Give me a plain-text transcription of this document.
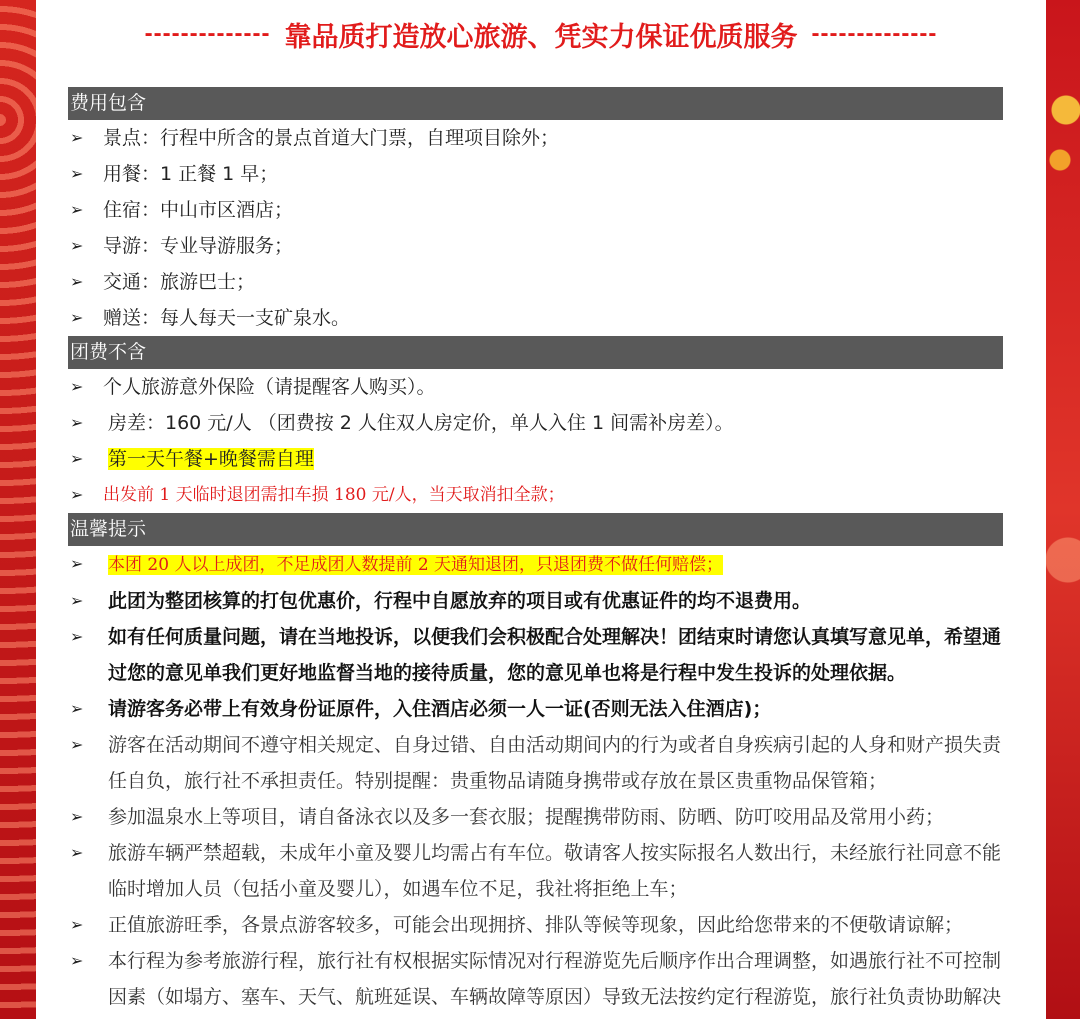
-------------- 靠品质打造放心旅游、凭实力保证优质服务 --------------
费用包含
➢	景点：行程中所含的景点首道大门票，自理项目除外；
➢	用餐：1 正餐 1 早；
➢	住宿：中山市区酒店；
➢	导游：专业导游服务；
➢	交通：旅游巴士；
➢	赠送：每人每天一支矿泉水。
团费不含
➢	个人旅游意外保险（请提醒客人购买）。
➢	房差：160 元/人 （团费按 2 人住双人房定价，单人入住 1 间需补房差）。
➢	第一天午餐+晚餐需自理
➢	出发前 1 天临时退团需扣车损 180 元/人，当天取消扣全款；
温馨提示
➢	本团 20 人以上成团，不足成团人数提前 2 天通知退团，只退团费不做任何赔偿；
➢	此团为整团核算的打包优惠价，行程中自愿放弃的项目或有优惠证件的均不退费用。
➢	如有任何质量问题，请在当地投诉，以便我们会积极配合处理解决！团结束时请您认真填写意见单，希望通过您的意见单我们更好地监督当地的接待质量，您的意见单也将是行程中发生投诉的处理依据。
➢	请游客务必带上有效身份证原件，入住酒店必须一人一证(否则无法入住酒店)；
➢	游客在活动期间不遵守相关规定、自身过错、自由活动期间内的行为或者自身疾病引起的人身和财产损失责任自负，旅行社不承担责任。特别提醒：贵重物品请随身携带或存放在景区贵重物品保管箱；
➢	参加温泉水上等项目，请自备泳衣以及多一套衣服；提醒携带防雨、防晒、防叮咬用品及常用小药；
➢	旅游车辆严禁超载，未成年小童及婴儿均需占有车位。敬请客人按实际报名人数出行，未经旅行社同意不能临时增加人员（包括小童及婴儿），如遇车位不足，我社将拒绝上车；
➢	正值旅游旺季，各景点游客较多，可能会出现拥挤、排队等候等现象，因此给您带来的不便敬请谅解；
➢	本行程为参考旅游行程，旅行社有权根据实际情况对行程游览先后顺序作出合理调整，如遇旅行社不可控制因素（如塌方、塞车、天气、航班延误、车辆故障等原因）导致无法按约定行程游览，旅行社负责协助解决
